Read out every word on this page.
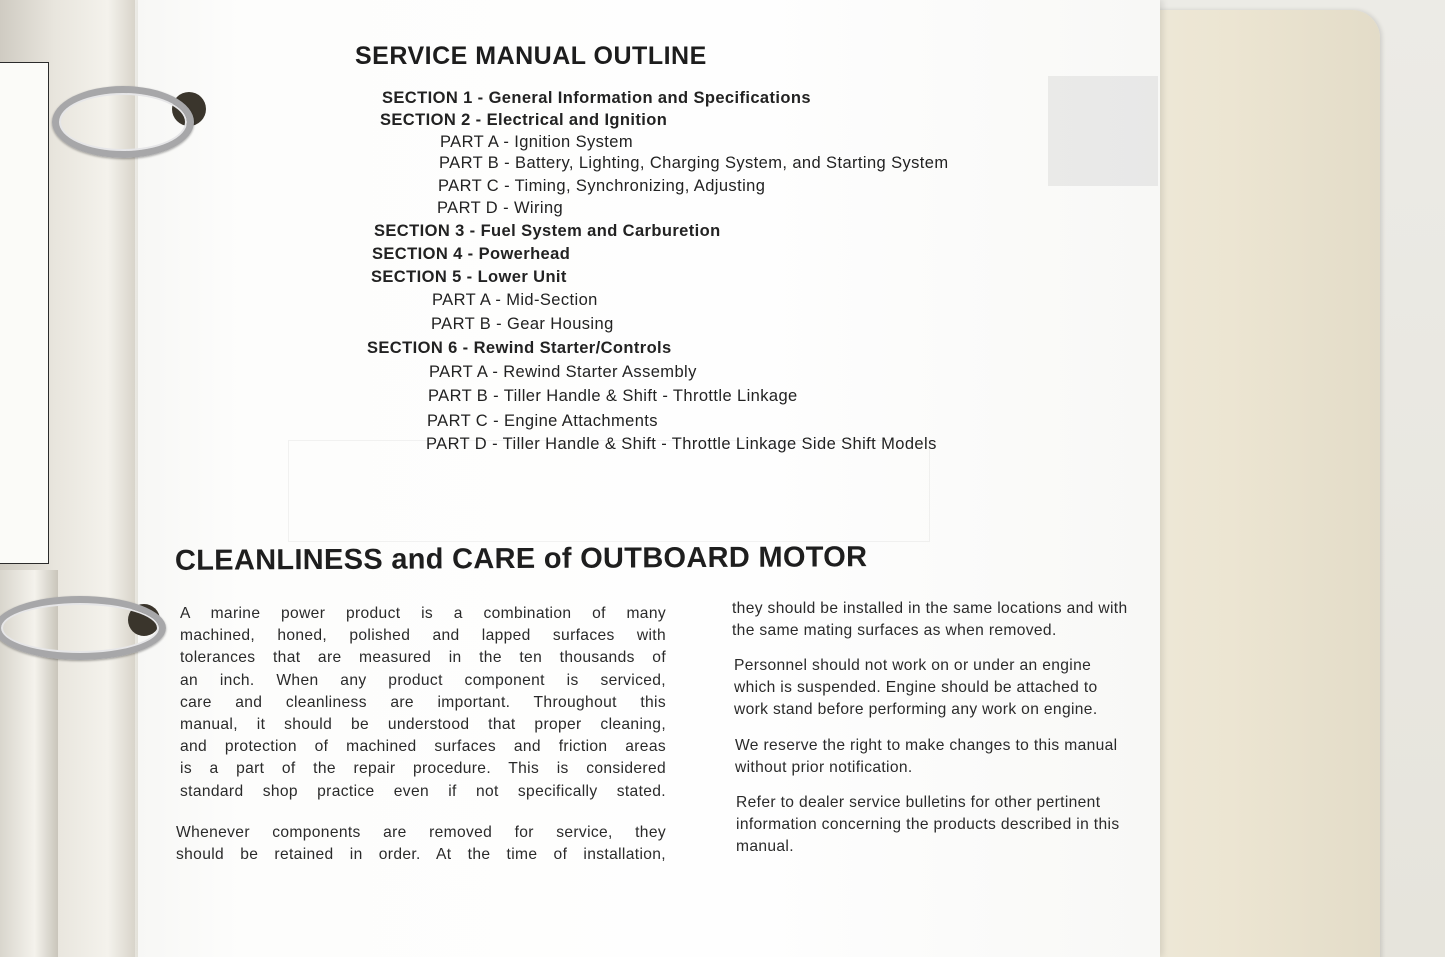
SERVICE MANUAL OUTLINE
SECTION 1 - General Information and Specifications
SECTION 2 - Electrical and Ignition
PART A - Ignition System
PART B - Battery, Lighting, Charging System, and Starting System
PART C - Timing, Synchronizing, Adjusting
PART D - Wiring
SECTION 3 - Fuel System and Carburetion
SECTION 4 - Powerhead
SECTION 5 - Lower Unit
PART A - Mid-Section
PART B - Gear Housing
SECTION 6 - Rewind Starter/Controls
PART A - Rewind Starter Assembly
PART B - Tiller Handle & Shift - Throttle Linkage
PART C - Engine Attachments
PART D - Tiller Handle & Shift - Throttle Linkage Side Shift Models
CLEANLINESS and CARE of OUTBOARD MOTOR
A marine power product is a combination of many
machined, honed, polished and lapped surfaces with
tolerances that are measured in the ten thousands of
an inch. When any product component is serviced,
care and cleanliness are important. Throughout this
manual, it should be understood that proper cleaning,
and protection of machined surfaces and friction areas
is a part of the repair procedure. This is considered
standard shop practice even if not specifically stated.
Whenever components are removed for service, they
should be retained in order. At the time of installation,
they should be installed in the same locations and with
the same mating surfaces as when removed.
Personnel should not work on or under an engine
which is suspended. Engine should be attached to
work stand before performing any work on engine.
We reserve the right to make changes to this manual
without prior notification.
Refer to dealer service bulletins for other pertinent
information concerning the products described in this
manual.
